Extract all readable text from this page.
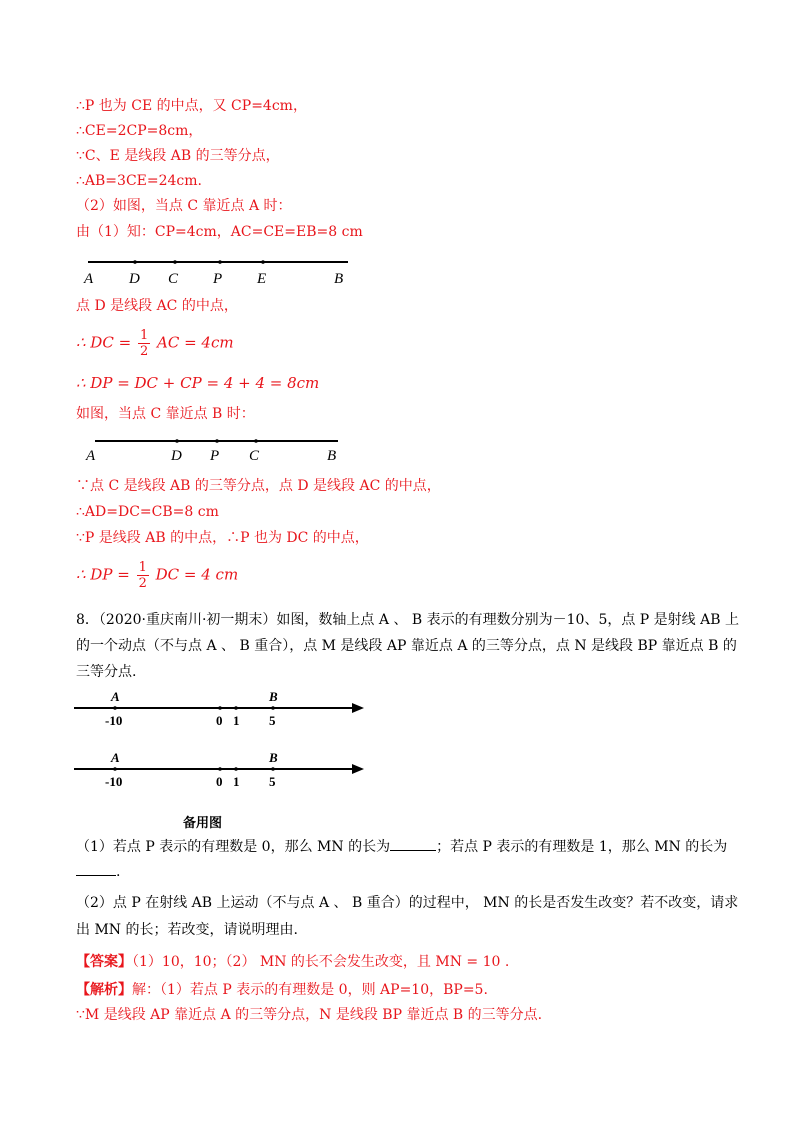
∴P 也为 CE 的中点，又 CP=4cm，
∴CE=2CP=8cm，
∵C、E 是线段 AB 的三等分点，
∴AB=3CE=24cm.
（2）如图，当点 C 靠近点 A 时：
由（1）知：CP=4cm，AC=CE=EB=8 cm
A D C P E	B
点 D 是线段 AC 的中点，
∴ DC = $\frac{1}{2}$ AC = 4cm
∴ DP = DC + CP = 4 + 4 = 8cm
如图，当点 C 靠近点 B 时：
A	D P C	B
∵点 C 是线段 AB 的三等分点，点 D 是线段 AC 的中点，
∴AD=DC=CB=8 cm
∵P 是线段 AB 的中点，∴P 也为 DC 的中点，
∴ DP = $\frac{1}{2}$ DC = 4 cm
8．（2020·重庆南川·初一期末）如图，数轴上点 A 、 B 表示的有理数分别为－10、5，点 P 是射线 AB 上
的一个动点（不与点 A 、 B 重合），点 M 是线段 AP 靠近点 A 的三等分点，点 N 是线段 BP 靠近点 B 的
三等分点.
A	B
-10	0 1 5
A	B
-10	0 1 5
备用图
（1）若点 P 表示的有理数是 0，那么 MN 的长为	；若点 P 表示的有理数是 1，那么 MN 的长为
.
（2）点 P 在射线 AB 上运动（不与点 A 、 B 重合）的过程中， MN 的长是否发生改变？若不改变，请求
出 MN 的长；若改变，请说明理由.
【答案】（1）10，10；（2） MN 的长不会发生改变，且 MN = 10 .
【解析】解：（1）若点 P 表示的有理数是 0，则 AP=10，BP=5.
∵M 是线段 AP 靠近点 A 的三等分点，N 是线段 BP 靠近点 B 的三等分点.
